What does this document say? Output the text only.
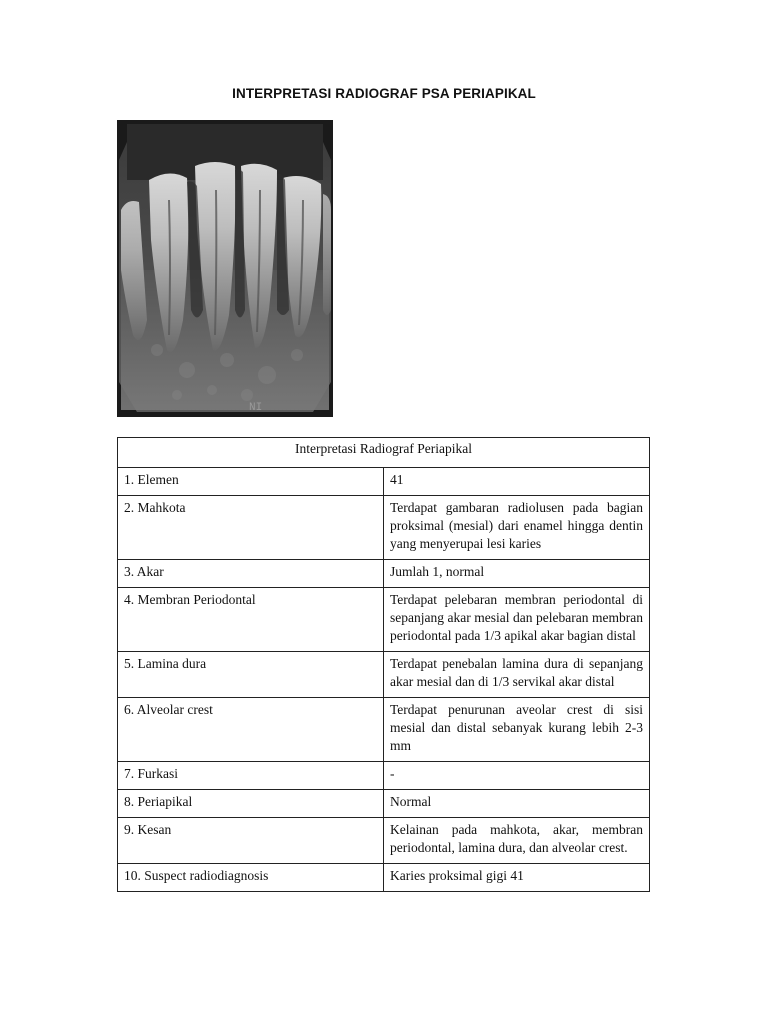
INTERPRETASI RADIOGRAF PSA PERIAPIKAL
NI
Interpretasi Radiograf Periapikal	
1. Elemen	41
2. Mahkota	Terdapat gambaran radiolusen pada bagian proksimal (mesial) dari enamel hingga dentin yang menyerupai lesi karies
3. Akar	Jumlah 1, normal
4. Membran Periodontal	Terdapat pelebaran membran periodontal di sepanjang akar mesial dan pelebaran membran periodontal pada 1/3 apikal akar bagian distal
5. Lamina dura	Terdapat penebalan lamina dura di sepanjang akar mesial dan di 1/3 servikal akar distal
6. Alveolar crest	Terdapat penurunan aveolar crest di sisi mesial dan distal sebanyak kurang lebih 2-3 mm
7. Furkasi	-
8. Periapikal	Normal
9. Kesan	Kelainan pada mahkota, akar, membran periodontal, lamina dura, dan alveolar crest.
10. Suspect radiodiagnosis	Karies proksimal gigi 41
